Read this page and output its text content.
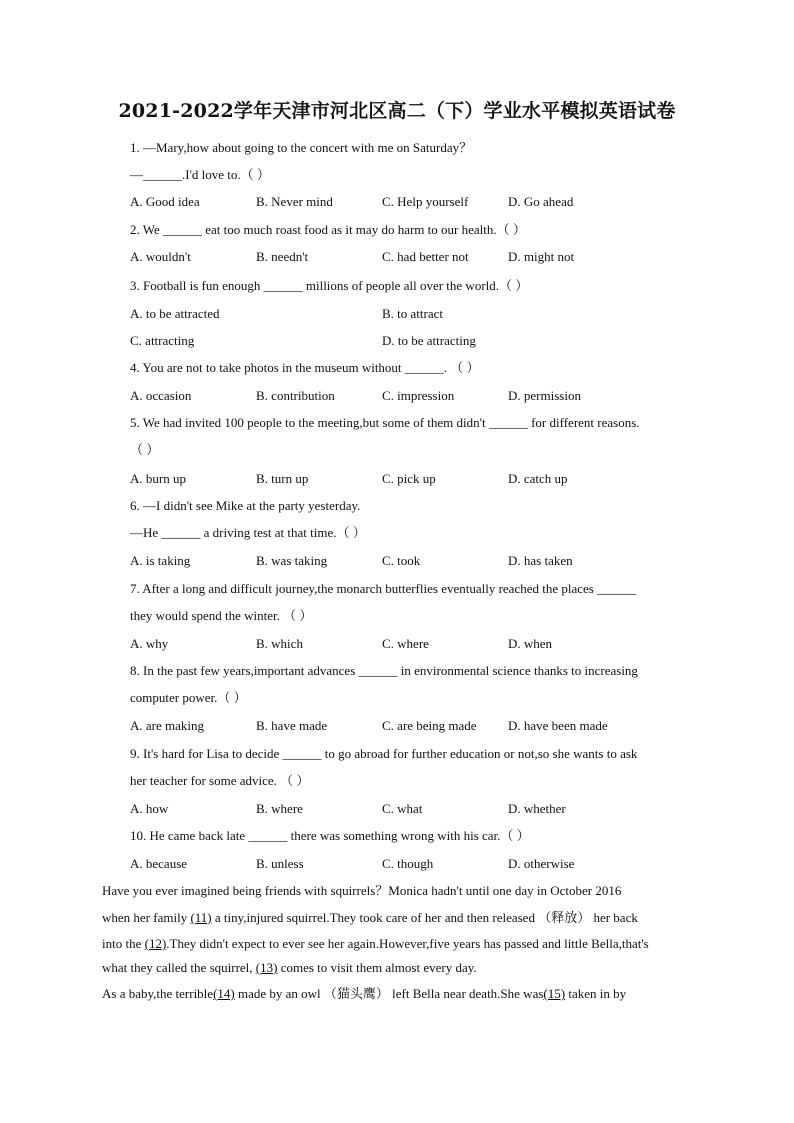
2021-2022学年天津市河北区高二（下）学业水平模拟英语试卷
1. —Mary,how about going to the concert with me on Saturday？
—______.I'd love to.（ ）
A. Good idea	B. Never mind	C. Help yourself	D. Go ahead
2. We ______ eat too much roast food as it may do harm to our health.（ ）
A. wouldn't	B. needn't	C. had better not	D. might not
3. Football is fun enough ______ millions of people all over the world.（ ）
A. to be attracted	B. to attract
C. attracting	D. to be attracting
4. You are not to take photos in the museum without ______. （ ）
A. occasion	B. contribution	C. impression	D. permission
5. We had invited 100 people to the meeting,but some of them didn't ______ for different reasons.
（ ）
A. burn up	B. turn up	C. pick up	D. catch up
6. —I didn't see Mike at the party yesterday.
—He ______ a driving test at that time.（ ）
A. is taking	B. was taking	C. took	D. has taken
7. After a long and difficult journey,the monarch butterflies eventually reached the places ______
they would spend the winter. （ ）
A. why	B. which	C. where	D. when
8. In the past few years,important advances ______ in environmental science thanks to increasing
computer power.（ ）
A. are making	B. have made	C. are being made D. have been made
9. It's hard for Lisa to decide ______ to go abroad for further education or not,so she wants to ask
her teacher for some advice. （ ）
A. how	B. where	C. what	D. whether
10. He came back late ______ there was something wrong with his car.（ ）
A. because	B. unless	C. though	D. otherwise
Have you ever imagined being friends with squirrels？Monica hadn't until one day in October 2016
when her family (11) a tiny,injured squirrel.They took care of her and then released （释放） her back
into the (12).They didn't expect to ever see her again.However,five years has passed and little Bella,that's
what they called the squirrel, (13) comes to visit them almost every day.
As a baby,the terrible(14) made by an owl （猫头鹰） left Bella near death.She was(15) taken in by
